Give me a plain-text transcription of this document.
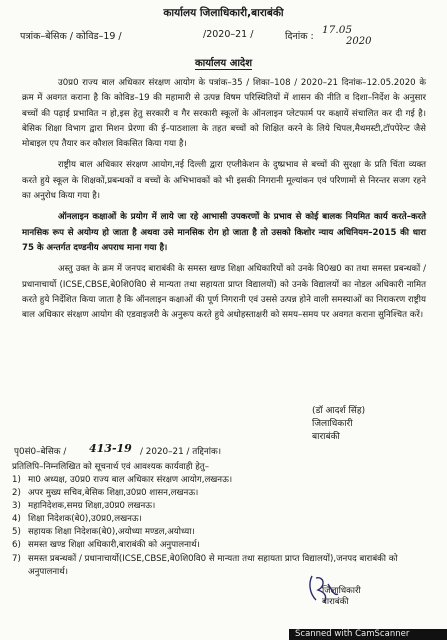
कार्यालय जिलाधिकारी,बाराबंकी
पत्रांक–बेसिक / कोविड–19 /	/2020–21 /	दिनांक :
17.05
2020
कार्यालय आदेश

उ0प्र0 राज्य बाल अधिकार संरक्षण आयोग के पत्रांक–35 / शिका–108 / 2020–21 दिनांक–12.05.2020 के क्रम में अवगत कराना है कि कोविड–19 की महामारी से उत्पन्न विषम परिस्थितियों में शासन की नीति व दिशा–निर्देश के अनुसार बच्चों की पढ़ाई प्रभावित न हो,इस हेतु सरकारी व गैर सरकारी स्कूलों के ऑनलाइन प्लेटफार्म पर कक्षायें संचालित कर दी गई है। बेसिक शिक्षा विभाग द्वारा मिशन प्रेरणा की ई–पाठशाला के तहत बच्चों को शिक्षित करने के लिये चिपल,मैथमस्टी,टॉपपेरेन्ट जैसे मोबाइल एप तैयार कर कौशल विकसित किया गया है।

राष्ट्रीय बाल अधिकार संरक्षण आयोग,नई दिल्ली द्वारा एप्लीकेशन के दुष्प्रभाव से बच्चों की सुरक्षा के प्रति चिंता व्यक्त करते हुये स्कूल के शिक्षकों,प्रबन्धकों व बच्चों के अभिभावकों को भी इसकी निगरानी मूल्यांकन एवं परिणामों से निरन्तर सजग रहने का अनुरोध किया गया है।

ऑनलाइन कक्षाओं के प्रयोग में लाये जा रहे आभासी उपकरणों के प्रभाव से कोई बालक नियमित कार्य करते–करते मानसिक रूप से अयोग्य हो जाता है अथवा उसे मानसिक रोग हो जाता है तो उसको किशोर न्याय अधिनियम–2015 की धारा 75 के अन्तर्गत दण्डनीय अपराध माना गया है।

अस्तु उक्त के क्रम में जनपद बाराबंकी के समस्त खण्ड शिक्षा अधिकारियों को उनके वि0ख0 का तथा समस्त प्रबन्धकों / प्रधानाचार्यो (ICSE,CBSE,बे0शि0वि0 से मान्यता तथा सहायता प्राप्त विद्यालयों) को उनके विद्यालयों का नोडल अधिकारी नामित करते हुये निर्देशित किया जाता है कि ऑनलाइन कक्षाओं की पूर्ण निगरानी एवं उससे उत्पन्न होने वाली समस्याओं का निराकरण राष्ट्रीय बाल अधिकार संरक्षण आयोग की एडवाइजरी के अनुरूप करते हुये अधोहस्ताक्षरी को समय–समय पर अवगत कराना सुनिश्चित करें।

(डॉ आदर्श सिंह)
जिलाधिकारी
बाराबंकी
पृ0सं0–बेसिक / 413-19 / 2020–21 / तद्दिनांक।
प्रतिलिपि–निम्नलिखित को सूचनार्थ एवं आवश्यक कार्यवाही हेतु–
1) मा0 अध्यक्ष, उ0प्र0 राज्य बाल अधिकार संरक्षण आयोग,लखनऊ।
2) अपर मुख्य सचिव,बेसिक शिक्षा,उ0प्र0 शासन,लखनऊ।
3) महानिदेशक,समग्र शिक्षा,उ0प्र0 लखनऊ।
4) शिक्षा निदेशक(बे0),उ0प्र0,लखनऊ।
5) सहायक शिक्षा निदेशक(बे0),अयोध्या मण्डल,अयोध्या।
6) समस्त खण्ड शिक्षा अधिकारी,बाराबंकी को अनुपालनार्थ।
7) समस्त प्रबन्धकों / प्रधानाचार्यो(ICSE,CBSE,बे0शि0वि0 से मान्यता तथा सहायता प्राप्त विद्यालयों),जनपद बाराबंकी को अनुपालनार्थ।
जिलाधिकारी
बाराबंकी
Scanned with CamScanner
